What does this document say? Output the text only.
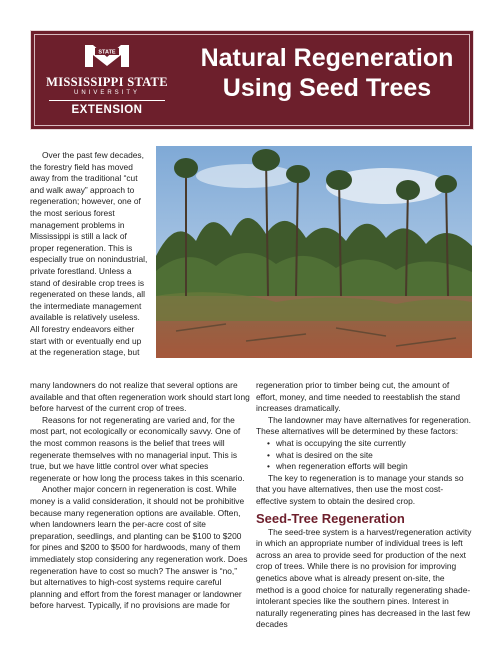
STATE
MISSISSIPPI STATE
UNIVERSITY
EXTENSION
Natural Regeneration
Using Seed Trees

Over the past few decades, the forestry field has moved away from the traditional “cut and walk away” approach to regeneration; however, one of the most serious forest management problems in Mississippi is still a lack of proper regeneration. This is especially true on nonindustrial, private forestland. Unless a stand of desirable crop trees is regenerated on these lands, all the intermediate management available is relatively useless. All forestry endeavors either start with or eventually end up at the regeneration stage, but

many landowners do not realize that several options are available and that often regeneration work should start long before harvest of the current crop of trees.

Reasons for not regenerating are varied and, for the most part, not ecologically or economically savvy. One of the most common reasons is the belief that trees will regenerate themselves with no managerial input. This is true, but we have little control over what species regenerate or how long the process takes in this scenario.

Another major concern in regeneration is cost. While money is a valid consideration, it should not be prohibitive because many regeneration options are available. Often, when landowners learn the per-acre cost of site preparation, seedlings, and planting can be $100 to $200 for pines and $200 to $500 for hardwoods, many of them immediately stop considering any regeneration work. Does regeneration have to cost so much? The answer is “no,” but alternatives to high-cost systems require careful planning and effort from the forest manager or landowner before harvest. Typically, if no provisions are made for

regeneration prior to timber being cut, the amount of effort, money, and time needed to reestablish the stand increases dramatically.

The landowner may have alternatives for regeneration. These alternatives will be determined by these factors:

• what is occupying the site currently
• what is desired on the site
• when regeneration efforts will begin

The key to regeneration is to manage your stands so that you have alternatives, then use the most cost-effective system to obtain the desired crop.

Seed-Tree Regeneration

The seed-tree system is a harvest/regeneration activity in which an appropriate number of individual trees is left across an area to provide seed for production of the next crop of trees. While there is no provision for improving genetics above what is already present on-site, the method is a good choice for naturally regenerating shade-intolerant species like the southern pines. Interest in naturally regenerating pines has decreased in the last few decades
